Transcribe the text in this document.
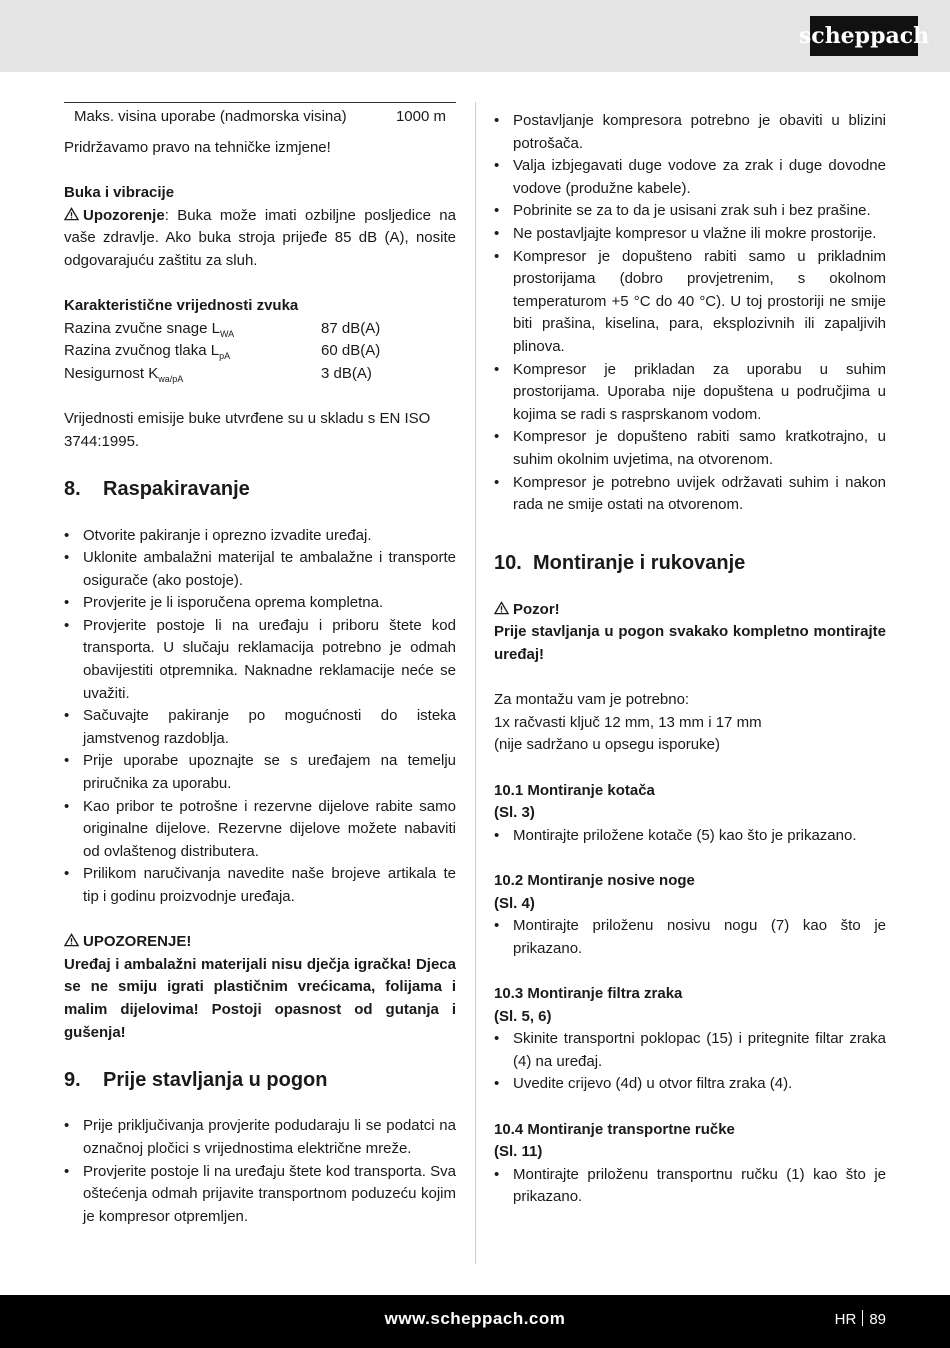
scheppach
Maks. visina uporabe (nadmorska visina)	1000 m

Pridržavamo pravo na tehničke izmjene!

Buka i vibracije

Upozorenje: Buka može imati ozbiljne posljedice na vaše zdravlje. Ako buka stroja prijeđe 85 dB (A), nosite odgovarajuću zaštitu za sluh.

Karakteristične vrijednosti zvuka

Razina zvučne snage $L_{WA}$	87 dB(A)
Razina zvučnog tlaka $L_{pA}$	60 dB(A)
Nesigurnost $K_{wa/pA}$	3 dB(A)

Vrijednosti emisije buke utvrđene su u skladu s EN ISO 3744:1995.

8.	Raspakiravanje
• Otvorite pakiranje i oprezno izvadite uređaj.
• Uklonite ambalažni materijal te ambalažne i transporte osigurače (ako postoje).
• Provjerite je li isporučena oprema kompletna.
• Provjerite postoje li na uređaju i priboru štete kod transporta. U slučaju reklamacija potrebno je odmah obavijestiti otpremnika. Naknadne reklamacije neće se uvažiti.
• Sačuvajte pakiranje po mogućnosti do isteka jamstvenog razdoblja.
• Prije uporabe upoznajte se s uređajem na temelju priručnika za uporabu.
• Kao pribor te potrošne i rezervne dijelove rabite samo originalne dijelove. Rezervne dijelove možete nabaviti od ovlaštenog distributera.
• Prilikom naručivanja navedite naše brojeve artikala te tip i godinu proizvodnje uređaja.

UPOZORENJE!

Uređaj i ambalažni materijali nisu dječja igračka! Djeca se ne smiju igrati plastičnim vrećicama, folijama i malim dijelovima! Postoji opasnost od gutanja i gušenja!

9.	Prije stavljanja u pogon
• Prije priključivanja provjerite podudaraju li se podatci na označnoj pločici s vrijednostima električne mreže.
• Provjerite postoje li na uređaju štete kod transporta. Sva oštećenja odmah prijavite transportnom poduzeću kojim je kompresor otpremljen.
• Postavljanje kompresora potrebno je obaviti u blizini potrošača.
• Valja izbjegavati duge vodove za zrak i duge dovodne vodove (produžne kabele).
• Pobrinite se za to da je usisani zrak suh i bez prašine.
• Ne postavljajte kompresor u vlažne ili mokre prostorije.
• Kompresor je dopušteno rabiti samo u prikladnim prostorijama (dobro provjetrenim, s okolnom temperaturom +5 °C do 40 °C). U toj prostoriji ne smije biti prašina, kiselina, para, eksplozivnih ili zapaljivih plinova.
• Kompresor je prikladan za uporabu u suhim prostorijama. Uporaba nije dopuštena u područjima u kojima se radi s rasprskanom vodom.
• Kompresor je dopušteno rabiti samo kratkotrajno, u suhim okolnim uvjetima, na otvorenom.
• Kompresor je potrebno uvijek održavati suhim i nakon rada ne smije ostati na otvorenom.
10. Montiranje i rukovanje

Pozor!

Prije stavljanja u pogon svakako kompletno montirajte uređaj!

Za montažu vam je potrebno:

1x račvasti ključ 12 mm, 13 mm i 17 mm

(nije sadržano u opsegu isporuke)

10.1 Montiranje kotača

(Sl. 3)

• Montirajte priložene kotače (5) kao što je prikazano.

10.2 Montiranje nosive noge

(Sl. 4)

• Montirajte priloženu nosivu nogu (7) kao što je prikazano.

10.3 Montiranje filtra zraka

(Sl. 5, 6)

• Skinite transportni poklopac (15) i pritegnite filtar zraka (4) na uređaj.
• Uvedite crijevo (4d) u otvor filtra zraka (4).

10.4 Montiranje transportne ručke

(Sl. 11)

• Montirajte priloženu transportnu ručku (1) kao što je prikazano.
www.scheppach.com	HR 89
